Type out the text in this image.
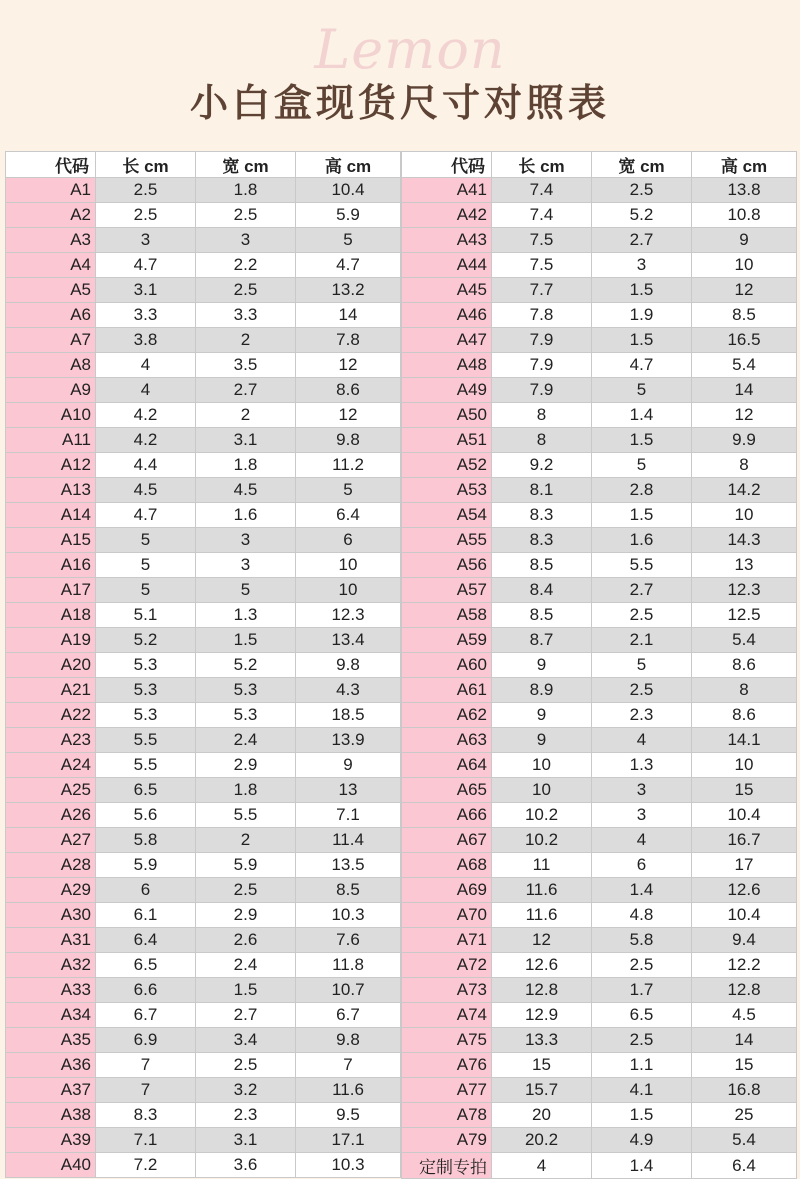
Lemon
小白盒现货尺寸对照表
代码	长 cm	宽 cm	高 cm
A1	2.5	1.8	10.4
A2	2.5	2.5	5.9
A3	3	3	5
A4	4.7	2.2	4.7
A5	3.1	2.5	13.2
A6	3.3	3.3	14
A7	3.8	2	7.8
A8	4	3.5	12
A9	4	2.7	8.6
A10	4.2	2	12
A11	4.2	3.1	9.8
A12	4.4	1.8	11.2
A13	4.5	4.5	5
A14	4.7	1.6	6.4
A15	5	3	6
A16	5	3	10
A17	5	5	10
A18	5.1	1.3	12.3
A19	5.2	1.5	13.4
A20	5.3	5.2	9.8
A21	5.3	5.3	4.3
A22	5.3	5.3	18.5
A23	5.5	2.4	13.9
A24	5.5	2.9	9
A25	6.5	1.8	13
A26	5.6	5.5	7.1
A27	5.8	2	11.4
A28	5.9	5.9	13.5
A29	6	2.5	8.5
A30	6.1	2.9	10.3
A31	6.4	2.6	7.6
A32	6.5	2.4	11.8
A33	6.6	1.5	10.7
A34	6.7	2.7	6.7
A35	6.9	3.4	9.8
A36	7	2.5	7
A37	7	3.2	11.6
A38	8.3	2.3	9.5
A39	7.1	3.1	17.1
A40	7.2	3.6	10.3
代码	长 cm	宽 cm	高 cm
A41	7.4	2.5	13.8
A42	7.4	5.2	10.8
A43	7.5	2.7	9
A44	7.5	3	10
A45	7.7	1.5	12
A46	7.8	1.9	8.5
A47	7.9	1.5	16.5
A48	7.9	4.7	5.4
A49	7.9	5	14
A50	8	1.4	12
A51	8	1.5	9.9
A52	9.2	5	8
A53	8.1	2.8	14.2
A54	8.3	1.5	10
A55	8.3	1.6	14.3
A56	8.5	5.5	13
A57	8.4	2.7	12.3
A58	8.5	2.5	12.5
A59	8.7	2.1	5.4
A60	9	5	8.6
A61	8.9	2.5	8
A62	9	2.3	8.6
A63	9	4	14.1
A64	10	1.3	10
A65	10	3	15
A66	10.2	3	10.4
A67	10.2	4	16.7
A68	11	6	17
A69	11.6	1.4	12.6
A70	11.6	4.8	10.4
A71	12	5.8	9.4
A72	12.6	2.5	12.2
A73	12.8	1.7	12.8
A74	12.9	6.5	4.5
A75	13.3	2.5	14
A76	15	1.1	15
A77	15.7	4.1	16.8
A78	20	1.5	25
A79	20.2	4.9	5.4
定制专拍	4	1.4	6.4
